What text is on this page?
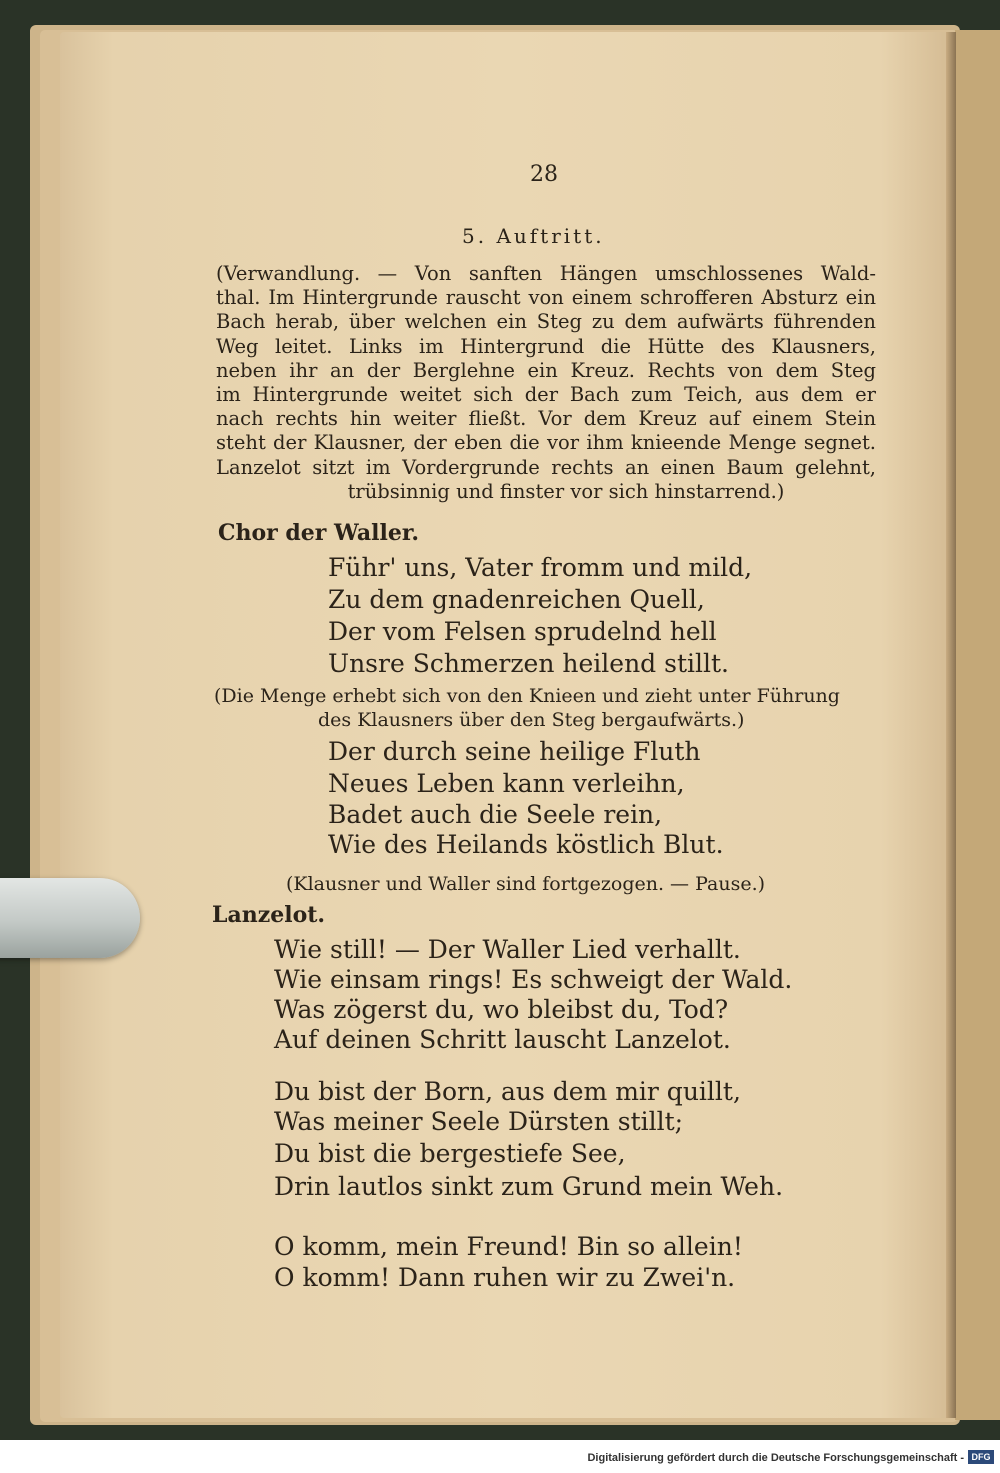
28
5. Auftritt.
(Verwandlung. — Von sanften Hängen umschlossenes Wald-
thal. Im Hintergrunde rauscht von einem schrofferen Absturz ein
Bach herab, über welchen ein Steg zu dem aufwärts führenden
Weg leitet. Links im Hintergrund die Hütte des Klausners,
neben ihr an der Berglehne ein Kreuz. Rechts von dem Steg
im Hintergrunde weitet sich der Bach zum Teich, aus dem er
nach rechts hin weiter fließt. Vor dem Kreuz auf einem Stein
steht der Klausner, der eben die vor ihm knieende Menge segnet.
Lanzelot sitzt im Vordergrunde rechts an einen Baum gelehnt,
trübsinnig und finster vor sich hinstarrend.)
Chor der Waller.
Führ' uns, Vater fromm und mild,
Zu dem gnadenreichen Quell,
Der vom Felsen sprudelnd hell
Unsre Schmerzen heilend stillt.
(Die Menge erhebt sich von den Knieen und zieht unter Führung
des Klausners über den Steg bergaufwärts.)
Der durch seine heilige Fluth
Neues Leben kann verleihn,
Badet auch die Seele rein,
Wie des Heilands köstlich Blut.
(Klausner und Waller sind fortgezogen. — Pause.)
Lanzelot.
Wie still! — Der Waller Lied verhallt.
Wie einsam rings! Es schweigt der Wald.
Was zögerst du, wo bleibst du, Tod?
Auf deinen Schritt lauscht Lanzelot.
Du bist der Born, aus dem mir quillt,
Was meiner Seele Dürsten stillt;
Du bist die bergestiefe See,
Drin lautlos sinkt zum Grund mein Weh.
O komm, mein Freund! Bin so allein!
O komm! Dann ruhen wir zu Zwei'n.
Digitalisierung gefördert durch die Deutsche Forschungsgemeinschaft - DFG
